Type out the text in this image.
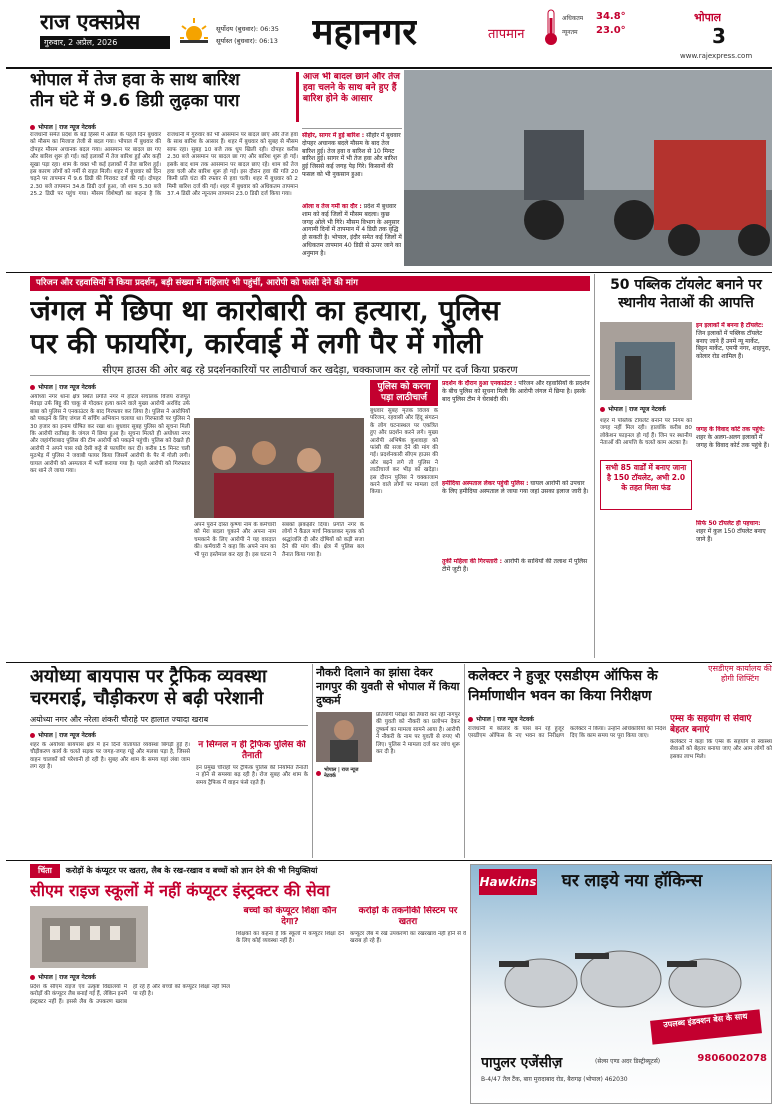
राज एक्सप्रेस
गुरुवार, 2 अप्रैल, 2026
सूर्योदय (बुधवार): 06:35
सूर्यास्त (बुधवार): 06:13 महानगर	तापमान
अधिकतम 34.8°
न्यूनतम 23.0°
भोपाल
3
www.rajexpress.com
भोपाल में तेज हवा के साथ बारिश
तीन घंटे में 9.6 डिग्री लुढ़का पारा
आज भी बादल छाने और तेज हवा चलने के साथ बने हुए हैं बारिश होने के आसार
भोपाल | राज न्यूज नेटवर्क
राजधानी समेत प्रदेश के बड़े हिस्से में अप्रैल के पहले दिन बुधवार को मौसम का मिजाज तेजी से बदल गया। भोपाल में बुधवार की दोपहर मौसम अचानक बदल गया। आसमान पर बादल छा गए और बारिश शुरू हो गई। कई इलाकों में तेज बारिश हुई और कहीं सूखा पड़ा रहा। शाम के वक्त भी कई इलाकों में तेज बारिश हुई। इस कारण लोगों को गर्मी से राहत मिली। शहर में बुधवार को दिन चढ़ने पर तापमान में 9.6 डिग्री की गिरावट दर्ज की गई। दोपहर 2.30 बजे तापमान 34.8 डिग्री दर्ज हुआ, जो शाम 5.30 बजे 25.2 डिग्री पर पहुंच गया। मौसम विशेषज्ञों का कहना है कि राजधानी में गुरुवार को भी आसमान पर बादल छाए और तेज हवा के साथ बारिश के आसार हैं। शहर में बुधवार को सुबह से मौसम साफ रहा। सुबह 10 बजे तक धूप खिली रही। दोपहर करीब 2.30 बजे आसमान पर बादल छा गए और बारिश शुरू हो गई। इसके बाद शाम तक आसमान पर बादल छाए रहे। शाम को तेज हवा चली और बारिश शुरू हो गई। इस दौरान हवा की गति 20 किमी प्रति घंटा की रफ्तार से हवा चली। शहर में बुधवार को 2 मिमी बारिश दर्ज की गई। शहर में बुधवार को अधिकतम तापमान 37.4 डिग्री और न्यूनतम तापमान 23.0 डिग्री दर्ज किया गया।
सीहोर, सागर में हुई बारिश : सीहोर में बुधवार दोपहर अचानक बदले मौसम के बाद तेज बारिश हुई। तेज हवा व बारिश से 10 मिनट बारिश हुई। सागर में भी तेज हवा और बारिश हुई जिससे कई जगह पेड़ गिरे। किसानों की फसल को भी नुकसान हुआ।
ओला व तेज गर्मी का दौर : प्रदेश में बुधवार शाम को कई जिलों में मौसम बदला। कुछ जगह ओले भी गिरे। मौसम विभाग के अनुसार आगामी दिनों में तापमान में 4 डिग्री तक वृद्धि हो सकती है। भोपाल, इंदौर समेत कई जिलों में अधिकतम तापमान 40 डिग्री से ऊपर जाने का अनुमान है।
परिजन और रहवासियों ने किया प्रदर्शन, बड़ी संख्या में महिलाएं भी पहुंचीं, आरोपी को फांसी देने की मांग
जंगल में छिपा था कारोबारी का हत्यारा, पुलिस
पर की फायरिंग, कार्रवाई में लगी पैर में गोली
सीएम हाउस की ओर बढ़ रहे प्रदर्शनकारियों पर लाठीचार्ज कर खदेड़ा, चक्काजाम कर रहे लोगों पर दर्ज किया प्रकरण
भोपाल | राज न्यूज नेटवर्क
अयोध्या नगर थाना क्षेत्र स्थित प्रगति नगर में होटल संचालक विजय राजपूत मेवाड़ा उर्फ बिट्टू की चाकू से गोदकर हत्या करने वाले मुख्य आरोपी अरविंद उर्फ बाबा को पुलिस ने एनकाउंटर के बाद गिरफ्तार कर लिया है। पुलिस ने आरोपियों को पकड़ने के लिए जंगल में सर्चिंग अभियान चलाया था। गिरफ्तारी पर पुलिस ने 30 हजार का इनाम घोषित कर रखा था। बुधवार सुबह पुलिस को सूचना मिली कि आरोपी रातीबड़ के जंगल में छिपा हुआ है। सूचना मिलते ही अयोध्या नगर और जहांगीराबाद पुलिस की टीम आरोपी को पकड़ने पहुंची। पुलिस को देखते ही आरोपी ने अपने पास रखे देसी कट्टे से फायरिंग कर दी। करीब 15 मिनट चली मुठभेड़ में पुलिस ने जवाबी फायर किया जिसमें आरोपी के पैर में गोली लगी। घायल आरोपी को अस्पताल में भर्ती कराया गया है। पहले आरोपी को गिरफ्तार कर थाने ले जाया गया।
पुलिस को करना पड़ा लाठीचार्ज
बुधवार सुबह मृतक विजय के परिजन, रहवासी और हिंदू संगठन के लोग घटनास्थल पर एकत्रित हुए और प्रदर्शन करने लगे। मुख्य आरोपी अभिषेक कुशवाहा को फांसी की सजा देने की मांग की गई। प्रदर्शनकारी सीएम हाउस की ओर बढ़ने लगे तो पुलिस ने लाठीचार्ज कर भीड़ को खदेड़ा। इस दौरान पुलिस ने चक्काजाम करने वाले लोगों पर मामला दर्ज किया।
अपने पुराने दोस्त कृष्णा नाम के कर्मचारी को मेरा बदला चुकाने और अपना नाम चमकाने के लिए आरोपी ने यह वारदात की। कर्मचारी ने कहा कि अपने नाम का भी पूरा इस्तेमाल कर रहा है। इस घटना ने सबको झकझोर दिया। प्रगति नगर के लोगों ने कैंडल मार्च निकालकर मृतक को श्रद्धांजलि दी और दोषियों को कड़ी सजा देने की मांग की। क्षेत्र में पुलिस बल तैनात किया गया है।
प्रदर्शन के दौरान हुआ एनकाउंटर : परिजन और रहवासियों के प्रदर्शन के बीच पुलिस को सूचना मिली कि आरोपी जंगल में छिपा है। इसके बाद पुलिस टीम ने घेराबंदी की।
हमीदिया अस्पताल लेकर पहुंची पुलिस : घायल आरोपी को उपचार के लिए हमीदिया अस्पताल ले जाया गया जहां उसका इलाज जारी है।
तुर्की महिला की गिरफ्तारी : आरोपी के साथियों की तलाश में पुलिस टीमें जुटी हैं।
50 पब्लिक टॉयलेट बनाने पर
स्थानीय नेताओं की आपत्ति
भोपाल | राज न्यूज नेटवर्क
शहर में पब्लिक टॉयलेट बनाने पर निगम को जगह नहीं मिल रही। हालांकि करीब 80 लोकेशन फाइनल हो गई हैं। जिन पर स्थानीय नेताओं की आपत्ति के चलते काम अटका है।
सभी 85 वार्डों में बनाए जाना है 150 टॉयलेट, अभी 2.0 के तहत मिला फंड
इन इलाकों में बनना है टॉयलेट: जिन इलाकों में पब्लिक टॉयलेट बनाए जाने हैं उनमें न्यू मार्केट, बिट्टन मार्केट, एमपी नगर, शाहपुरा, कोलार रोड शामिल हैं।
जगह के विवाद कोर्ट तक पहुंचे: शहर के अलग-अलग इलाकों में जगह के विवाद कोर्ट तक पहुंचे हैं।
सिर्फ 50 टॉयलेट ही पहचान: शहर में कुल 150 टॉयलेट बनाए जाने हैं।
अयोध्या बायपास पर ट्रैफिक व्यवस्था
चरमराई, चौड़ीकरण से बढ़ी परेशानी
अयोध्या नगर और नरेला शंकरी चौराहे पर हालात ज्यादा खराब
भोपाल | राज न्यूज नेटवर्क
शहर के अयोध्या बायपास क्षेत्र में इन दिनों यातायात व्यवस्था बिगड़ी हुई है। चौड़ीकरण कार्य के चलते सड़क पर जगह-जगह गड्ढे और मलबा पड़ा है, जिससे वाहन चालकों को परेशानी हो रही है। सुबह और शाम के समय यहां लंबा जाम लग रहा है।
न सिग्नल न ही ट्रैफिक पुलिस की तैनाती
इन प्रमुख चौराहों पर ट्रैफिक पुलिस की नियमित तैनाती न होने से समस्या बढ़ रही है। रोज सुबह और शाम के समय ट्रैफिक में वाहन फंसे रहते हैं।
नौकरी दिलाने का झांसा देकर नागपुर की युवती से भोपाल में किया दुष्कर्म
भोपाल | राज न्यूज नेटवर्क
प्रतियोगी परीक्षा की तैयारी कर रही नागपुर की युवती को नौकरी का प्रलोभन देकर दुष्कर्म का मामला सामने आया है। आरोपी ने नौकरी के नाम पर युवती से रुपए भी लिए। पुलिस ने मामला दर्ज कर जांच शुरू कर दी है।
कलेक्टर ने हुजूर एसडीएम ऑफिस के
निर्माणाधीन भवन का किया निरीक्षण
एसडीएम कार्यालय की होगी शिफ्टिंग
भोपाल | राज न्यूज नेटवर्क
राजधानी में कोलार के पास बन रहे हुजूर एसडीएम ऑफिस के नए भवन का निरीक्षण कलेक्टर ने किया। उन्होंने अधिकारियों को निर्देश दिए कि काम समय पर पूरा किया जाए।
एम्स के सहयोग से सेवाएं बेहतर बनाएं
कलेक्टर ने कहा कि एम्स के सहयोग से स्वास्थ्य सेवाओं को बेहतर बनाया जाए और आम लोगों को इसका लाभ मिले।
चिंता	करोड़ों के कंप्यूटर पर खतरा, लैब के रख-रखाव व बच्चों को ज्ञान देने की भी नियुक्तियां
सीएम राइज स्कूलों में नहीं कंप्यूटर इंस्ट्रक्टर की सेवा
भोपाल | राज न्यूज नेटवर्क
प्रदेश के सीएम राइज एवं उत्कृष्ट विद्यालयों में करोड़ों की कंप्यूटर लैब बनाई गई हैं, लेकिन इनमें इंस्ट्रक्टर नहीं हैं। इससे लैब के उपकरण खराब हो रहे हैं और बच्चों को कंप्यूटर शिक्षा नहीं मिल पा रही है।
बच्चों को कंप्यूटर शिक्षा कौन देगा?
शिक्षकों का कहना है कि स्कूलों में कंप्यूटर शिक्षा देने के लिए कोई व्यवस्था नहीं है।
करोड़ों के तकनीकी सिस्टम पर खतरा
कंप्यूटर लैब में रखे उपकरणों का रखरखाव नहीं होने से वे खराब हो रहे हैं।
Hawkins घर लाइये नया हॉकिन्स
उपलब्ध इंडक्शन बेस के साथ
पापुलर एजेंसीज़	(सेल्स एण्ड अदर डिस्ट्रीब्यूटर्स)	9806002078
B-4/47 तैल टैंक, बाग़ मुरादाबाद रोड, बैरागढ़ (भोपाल) 462030
